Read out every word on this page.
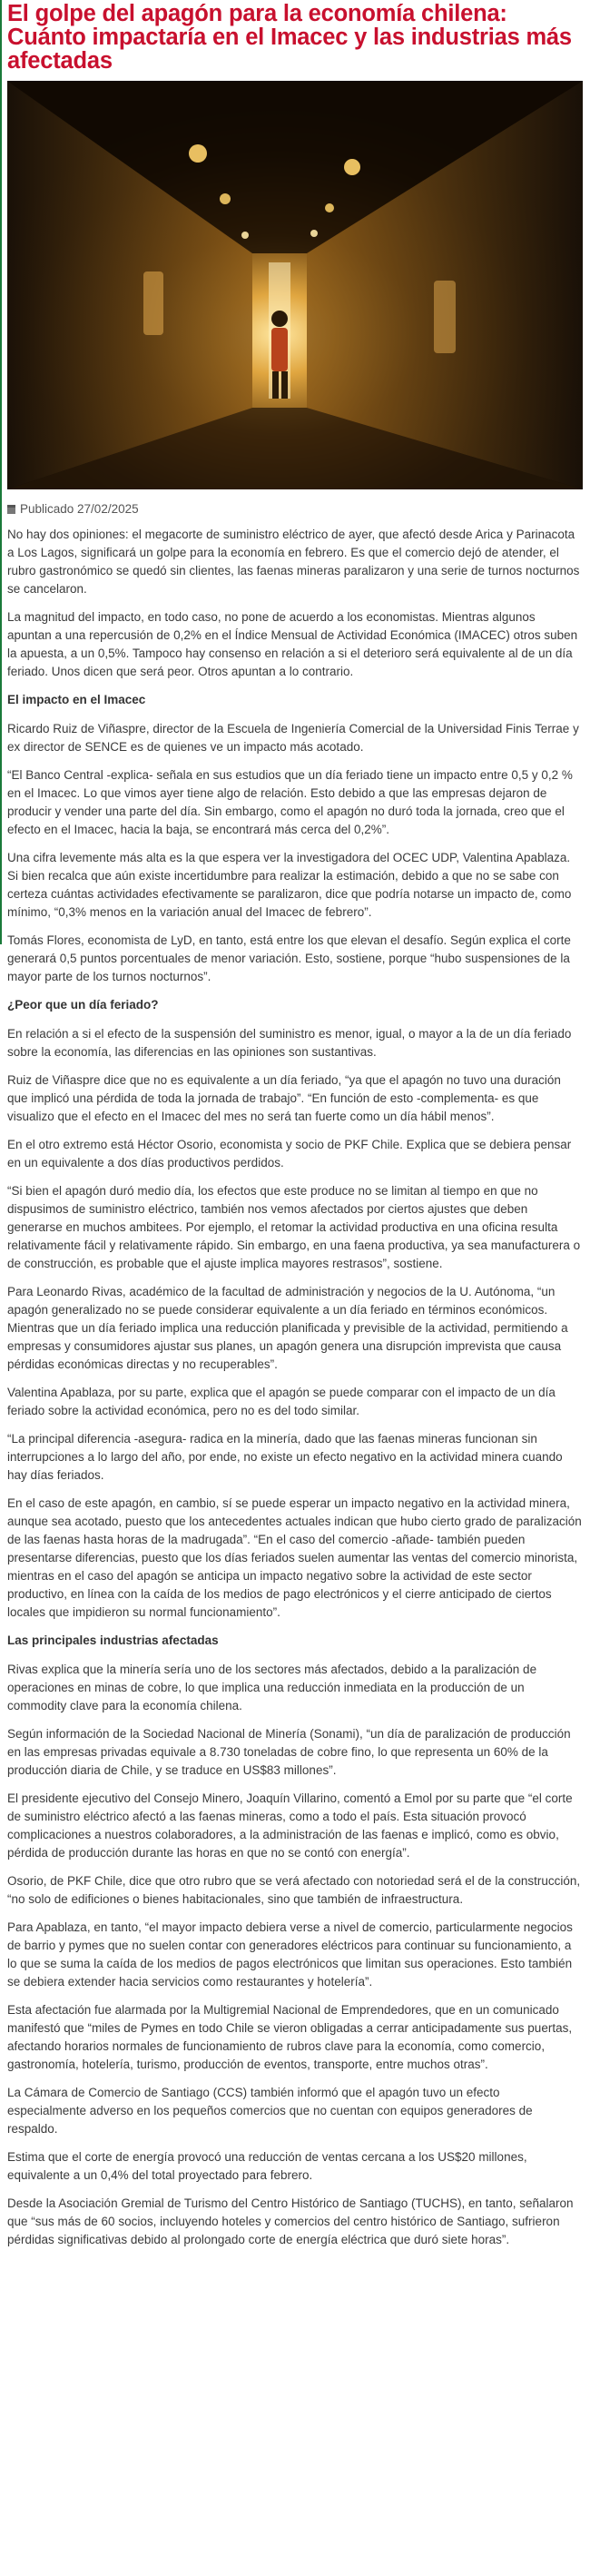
El golpe del apagón para la economía chilena: Cuánto impactaría en el Imacec y las industrias más afectadas
Publicado 27/02/2025

No hay dos opiniones: el megacorte de suministro eléctrico de ayer, que afectó desde Arica y Parinacota a Los Lagos, significará un golpe para la economía en febrero. Es que el comercio dejó de atender, el rubro gastronómico se quedó sin clientes, las faenas mineras paralizaron y una serie de turnos nocturnos se cancelaron.

La magnitud del impacto, en todo caso, no pone de acuerdo a los economistas. Mientras algunos apuntan a una repercusión de 0,2% en el Índice Mensual de Actividad Económica (IMACEC) otros suben la apuesta, a un 0,5%. Tampoco hay consenso en relación a si el deterioro será equivalente al de un día feriado. Unos dicen que será peor. Otros apuntan a lo contrario.

El impacto en el Imacec

Ricardo Ruiz de Viñaspre, director de la Escuela de Ingeniería Comercial de la Universidad Finis Terrae y ex director de SENCE es de quienes ve un impacto más acotado.

“El Banco Central -explica- señala en sus estudios que un día feriado tiene un impacto entre 0,5 y 0,2 % en el Imacec. Lo que vimos ayer tiene algo de relación. Esto debido a que las empresas dejaron de producir y vender una parte del día. Sin embargo, como el apagón no duró toda la jornada, creo que el efecto en el Imacec, hacia la baja, se encontrará más cerca del 0,2%”.

Una cifra levemente más alta es la que espera ver la investigadora del OCEC UDP, Valentina Apablaza. Si bien recalca que aún existe incertidumbre para realizar la estimación, debido a que no se sabe con certeza cuántas actividades efectivamente se paralizaron, dice que podría notarse un impacto de, como mínimo, “0,3% menos en la variación anual del Imacec de febrero”.

Tomás Flores, economista de LyD, en tanto, está entre los que elevan el desafío. Según explica el corte generará 0,5 puntos porcentuales de menor variación. Esto, sostiene, porque “hubo suspensiones de la mayor parte de los turnos nocturnos”.

¿Peor que un día feriado?

En relación a si el efecto de la suspensión del suministro es menor, igual, o mayor a la de un día feriado sobre la economía, las diferencias en las opiniones son sustantivas.

Ruiz de Viñaspre dice que no es equivalente a un día feriado, “ya que el apagón no tuvo una duración que implicó una pérdida de toda la jornada de trabajo”. “En función de esto -complementa- es que visualizo que el efecto en el Imacec del mes no será tan fuerte como un día hábil menos”.

En el otro extremo está Héctor Osorio, economista y socio de PKF Chile. Explica que se debiera pensar en un equivalente a dos días productivos perdidos.

“Si bien el apagón duró medio día, los efectos que este produce no se limitan al tiempo en que no dispusimos de suministro eléctrico, también nos vemos afectados por ciertos ajustes que deben generarse en muchos ambitees. Por ejemplo, el retomar la actividad productiva en una oficina resulta relativamente fácil y relativamente rápido. Sin embargo, en una faena productiva, ya sea manufacturera o de construcción, es probable que el ajuste implica mayores restrasos”, sostiene.

Para Leonardo Rivas, académico de la facultad de administración y negocios de la U. Autónoma, “un apagón generalizado no se puede considerar equivalente a un día feriado en términos económicos. Mientras que un día feriado implica una reducción planificada y previsible de la actividad, permitiendo a empresas y consumidores ajustar sus planes, un apagón genera una disrupción imprevista que causa pérdidas económicas directas y no recuperables”.

Valentina Apablaza, por su parte, explica que el apagón se puede comparar con el impacto de un día feriado sobre la actividad económica, pero no es del todo similar.

“La principal diferencia -asegura- radica en la minería, dado que las faenas mineras funcionan sin interrupciones a lo largo del año, por ende, no existe un efecto negativo en la actividad minera cuando hay días feriados.

En el caso de este apagón, en cambio, sí se puede esperar un impacto negativo en la actividad minera, aunque sea acotado, puesto que los antecedentes actuales indican que hubo cierto grado de paralización de las faenas hasta horas de la madrugada”. “En el caso del comercio -añade- también pueden presentarse diferencias, puesto que los días feriados suelen aumentar las ventas del comercio minorista, mientras en el caso del apagón se anticipa un impacto negativo sobre la actividad de este sector productivo, en línea con la caída de los medios de pago electrónicos y el cierre anticipado de ciertos locales que impidieron su normal funcionamiento”.

Las principales industrias afectadas

Rivas explica que la minería sería uno de los sectores más afectados, debido a la paralización de operaciones en minas de cobre, lo que implica una reducción inmediata en la producción de un commodity clave para la economía chilena.

Según información de la Sociedad Nacional de Minería (Sonami), “un día de paralización de producción en las empresas privadas equivale a 8.730 toneladas de cobre fino, lo que representa un 60% de la producción diaria de Chile, y se traduce en US$83 millones”.

El presidente ejecutivo del Consejo Minero, Joaquín Villarino, comentó a Emol por su parte que “el corte de suministro eléctrico afectó a las faenas mineras, como a todo el país. Esta situación provocó complicaciones a nuestros colaboradores, a la administración de las faenas e implicó, como es obvio, pérdida de producción durante las horas en que no se contó con energía”.

Osorio, de PKF Chile, dice que otro rubro que se verá afectado con notoriedad será el de la construcción, “no solo de edificiones o bienes habitacionales, sino que también de infraestructura.

Para Apablaza, en tanto, “el mayor impacto debiera verse a nivel de comercio, particularmente negocios de barrio y pymes que no suelen contar con generadores eléctricos para continuar su funcionamiento, a lo que se suma la caída de los medios de pagos electrónicos que limitan sus operaciones. Esto también se debiera extender hacia servicios como restaurantes y hotelería”.

Esta afectación fue alarmada por la Multigremial Nacional de Emprendedores, que en un comunicado manifestó que “miles de Pymes en todo Chile se vieron obligadas a cerrar anticipadamente sus puertas, afectando horarios normales de funcionamiento de rubros clave para la economía, como comercio, gastronomía, hotelería, turismo, producción de eventos, transporte, entre muchos otras”.

La Cámara de Comercio de Santiago (CCS) también informó que el apagón tuvo un efecto especialmente adverso en los pequeños comercios que no cuentan con equipos generadores de respaldo.

Estima que el corte de energía provocó una reducción de ventas cercana a los US$20 millones, equivalente a un 0,4% del total proyectado para febrero.

Desde la Asociación Gremial de Turismo del Centro Histórico de Santiago (TUCHS), en tanto, señalaron que “sus más de 60 socios, incluyendo hoteles y comercios del centro histórico de Santiago, sufrieron pérdidas significativas debido al prolongado corte de energía eléctrica que duró siete horas”.
